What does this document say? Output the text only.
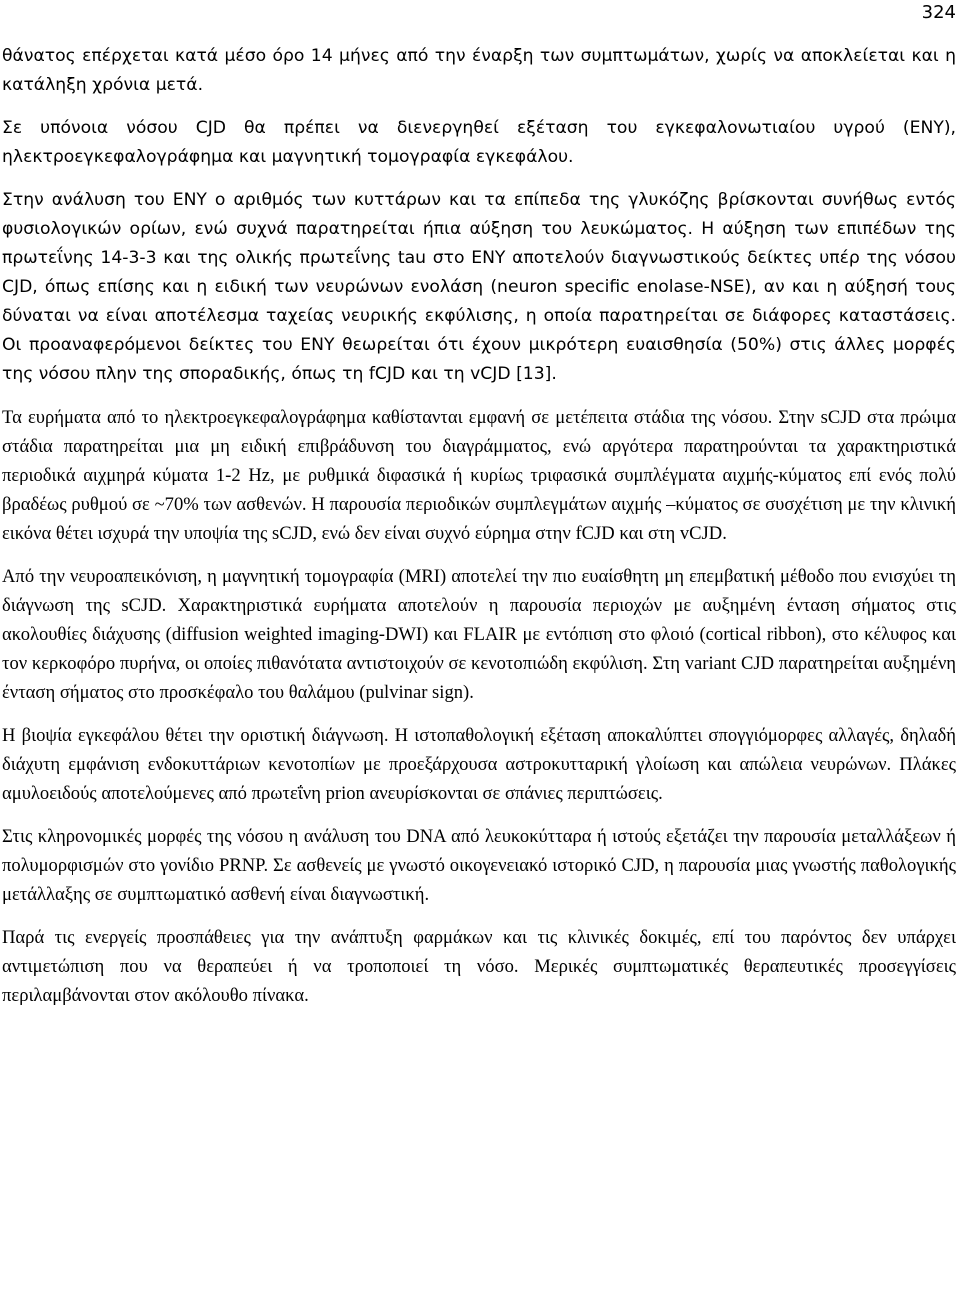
324

θάνατος επέρχεται κατά μέσο όρο 14 μήνες από την έναρξη των συμπτωμάτων, χωρίς να αποκλείεται και η κατάληξη χρόνια μετά.

Σε υπόνοια νόσου CJD θα πρέπει να διενεργηθεί εξέταση του εγκεφαλονωτιαίου υγρού (ΕΝΥ), ηλεκτροεγκεφαλογράφημα και μαγνητική τομογραφία εγκεφάλου.

Στην ανάλυση του ΕΝΥ ο αριθμός των κυττάρων και τα επίπεδα της γλυκόζης βρίσκονται συνήθως εντός φυσιολογικών ορίων, ενώ συχνά παρατηρείται ήπια αύξηση του λευκώματος. Η αύξηση των επιπέδων της πρωτεΐνης 14-3-3 και της ολικής πρωτεΐνης tau στο ΕΝΥ αποτελούν διαγνωστικούς δείκτες υπέρ της νόσου CJD, όπως επίσης και η ειδική των νευρώνων ενολάση (neuron specific enolase-NSE), αν και η αύξησή τους δύναται να είναι αποτέλεσμα ταχείας νευρικής εκφύλισης, η οποία παρατηρείται σε διάφορες καταστάσεις. Οι προαναφερόμενοι δείκτες του ΕΝΥ θεωρείται ότι έχουν μικρότερη ευαισθησία (50%) στις άλλες μορφές της νόσου πλην της σποραδικής, όπως τη fCJD και τη vCJD [13].

Τα ευρήματα από το ηλεκτροεγκεφαλογράφημα καθίστανται εμφανή σε μετέπειτα στάδια της νόσου. Στην sCJD στα πρώιμα στάδια παρατηρείται μια μη ειδική επιβράδυνση του διαγράμματος, ενώ αργότερα παρατηρούνται τα χαρακτηριστικά περιοδικά αιχμηρά κύματα 1-2 Hz, με ρυθμικά διφασικά ή κυρίως τριφασικά συμπλέγματα αιχμής-κύματος επί ενός πολύ βραδέως ρυθμού σε ~70% των ασθενών. Η παρουσία περιοδικών συμπλεγμάτων αιχμής –κύματος σε συσχέτιση με την κλινική εικόνα θέτει ισχυρά την υποψία της sCJD, ενώ δεν είναι συχνό εύρημα στην fCJD και στη vCJD.

Από την νευροαπεικόνιση, η μαγνητική τομογραφία (MRI) αποτελεί την πιο ευαίσθητη μη επεμβατική μέθοδο που ενισχύει τη διάγνωση της sCJD. Χαρακτηριστικά ευρήματα αποτελούν η παρουσία περιοχών με αυξημένη ένταση σήματος στις ακολουθίες διάχυσης (diffusion weighted imaging-DWI) και FLAIR με εντόπιση στο φλοιό (cortical ribbon), στο κέλυφος και τον κερκοφόρο πυρήνα, οι οποίες πιθανότατα αντιστοιχούν σε κενοτοπιώδη εκφύλιση. Στη variant CJD παρατηρείται αυξημένη ένταση σήματος στο προσκέφαλο του θαλάμου (pulvinar sign).

Η βιοψία εγκεφάλου θέτει την οριστική διάγνωση. Η ιστοπαθολογική εξέταση αποκαλύπτει σπογγιόμορφες αλλαγές, δηλαδή διάχυτη εμφάνιση ενδοκυττάριων κενοτοπίων με προεξάρχουσα αστροκυτταρική γλοίωση και απώλεια νευρώνων. Πλάκες αμυλοειδούς αποτελούμενες από πρωτεΐνη prion ανευρίσκονται σε σπάνιες περιπτώσεις.

Στις κληρονομικές μορφές της νόσου η ανάλυση του DNA από λευκοκύτταρα ή ιστούς εξετάζει την παρουσία μεταλλάξεων ή πολυμορφισμών στο γονίδιο PRNP. Σε ασθενείς με γνωστό οικογενειακό ιστορικό CJD, η παρουσία μιας γνωστής παθολογικής μετάλλαξης σε συμπτωματικό ασθενή είναι διαγνωστική.

Παρά τις ενεργείς προσπάθειες για την ανάπτυξη φαρμάκων και τις κλινικές δοκιμές, επί του παρόντος δεν υπάρχει αντιμετώπιση που να θεραπεύει ή να τροποποιεί τη νόσο. Μερικές συμπτωματικές θεραπευτικές προσεγγίσεις περιλαμβάνονται στον ακόλουθο πίνακα.
